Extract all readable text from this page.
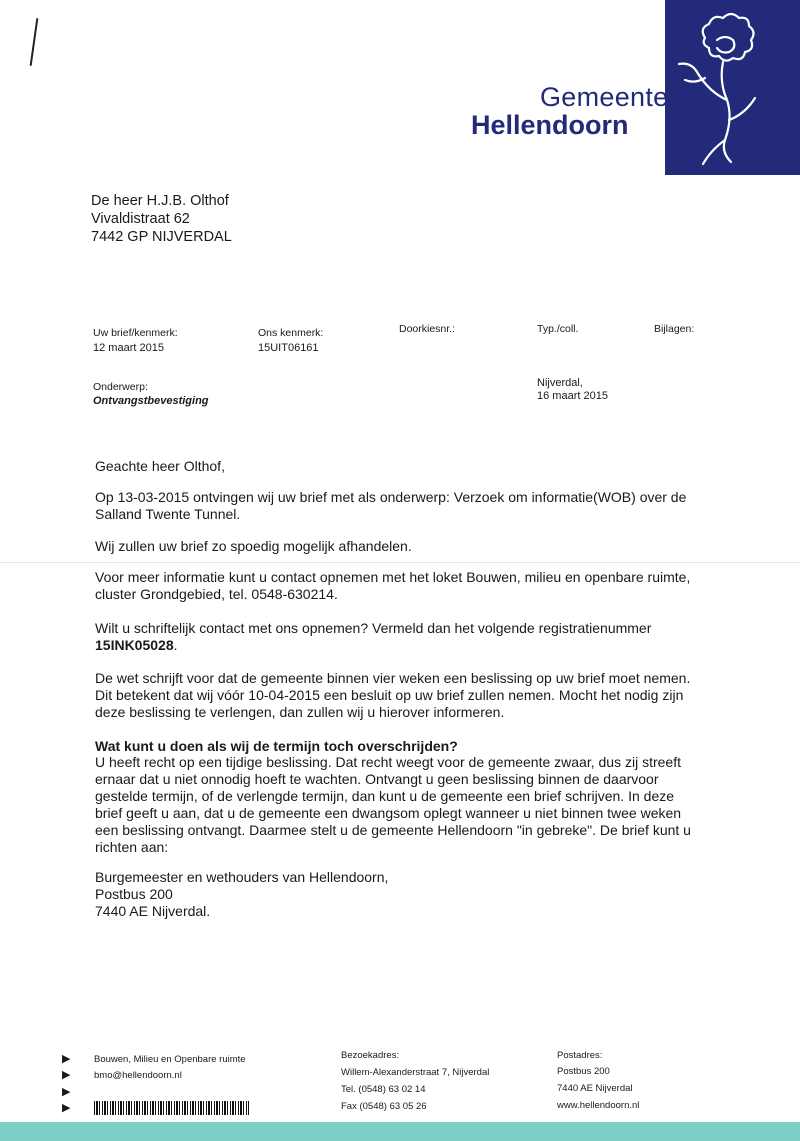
Gemeente
Hellendoorn
De heer H.J.B. Olthof
Vivaldistraat 62
7442 GP NIJVERDAL
Uw brief/kenmerk:
12 maart 2015
Ons kenmerk:
15UIT06161
Doorkiesnr.:	Typ./coll.	Bijlagen:
Onderwerp:
Ontvangstbevestiging
Nijverdal,
16 maart 2015
Geachte heer Olthof,
Op 13-03-2015 ontvingen wij uw brief met als onderwerp: Verzoek om informatie(WOB) over de
Salland Twente Tunnel.
Wij zullen uw brief zo spoedig mogelijk afhandelen.
Voor meer informatie kunt u contact opnemen met het loket Bouwen, milieu en openbare ruimte,
cluster Grondgebied, tel. 0548-630214.
Wilt u schriftelijk contact met ons opnemen? Vermeld dan het volgende registratienummer
15INK05028.
De wet schrijft voor dat de gemeente binnen vier weken een beslissing op uw brief moet nemen.
Dit betekent dat wij vóór 10-04-2015 een besluit op uw brief zullen nemen. Mocht het nodig zijn
deze beslissing te verlengen, dan zullen wij u hierover informeren.
Wat kunt u doen als wij de termijn toch overschrijden?
U heeft recht op een tijdige beslissing. Dat recht weegt voor de gemeente zwaar, dus zij streeft
ernaar dat u niet onnodig hoeft te wachten. Ontvangt u geen beslissing binnen de daarvoor
gestelde termijn, of de verlengde termijn, dan kunt u de gemeente een brief schrijven. In deze
brief geeft u aan, dat u de gemeente een dwangsom oplegt wanneer u niet binnen twee weken
een beslissing ontvangt. Daarmee stelt u de gemeente Hellendoorn "in gebreke". De brief kunt u
richten aan:
Burgemeester en wethouders van Hellendoorn,
Postbus 200
7440 AE Nijverdal.
▶
▶
▶
▶
Bouwen, Milieu en Openbare ruimte
bmo@hellendoorn.nl
Bezoekadres:
Willem-Alexanderstraat 7, Nijverdal
Tel. (0548) 63 02 14
Fax (0548) 63 05 26
Postadres:
Postbus 200
7440 AE Nijverdal
www.hellendoorn.nl
